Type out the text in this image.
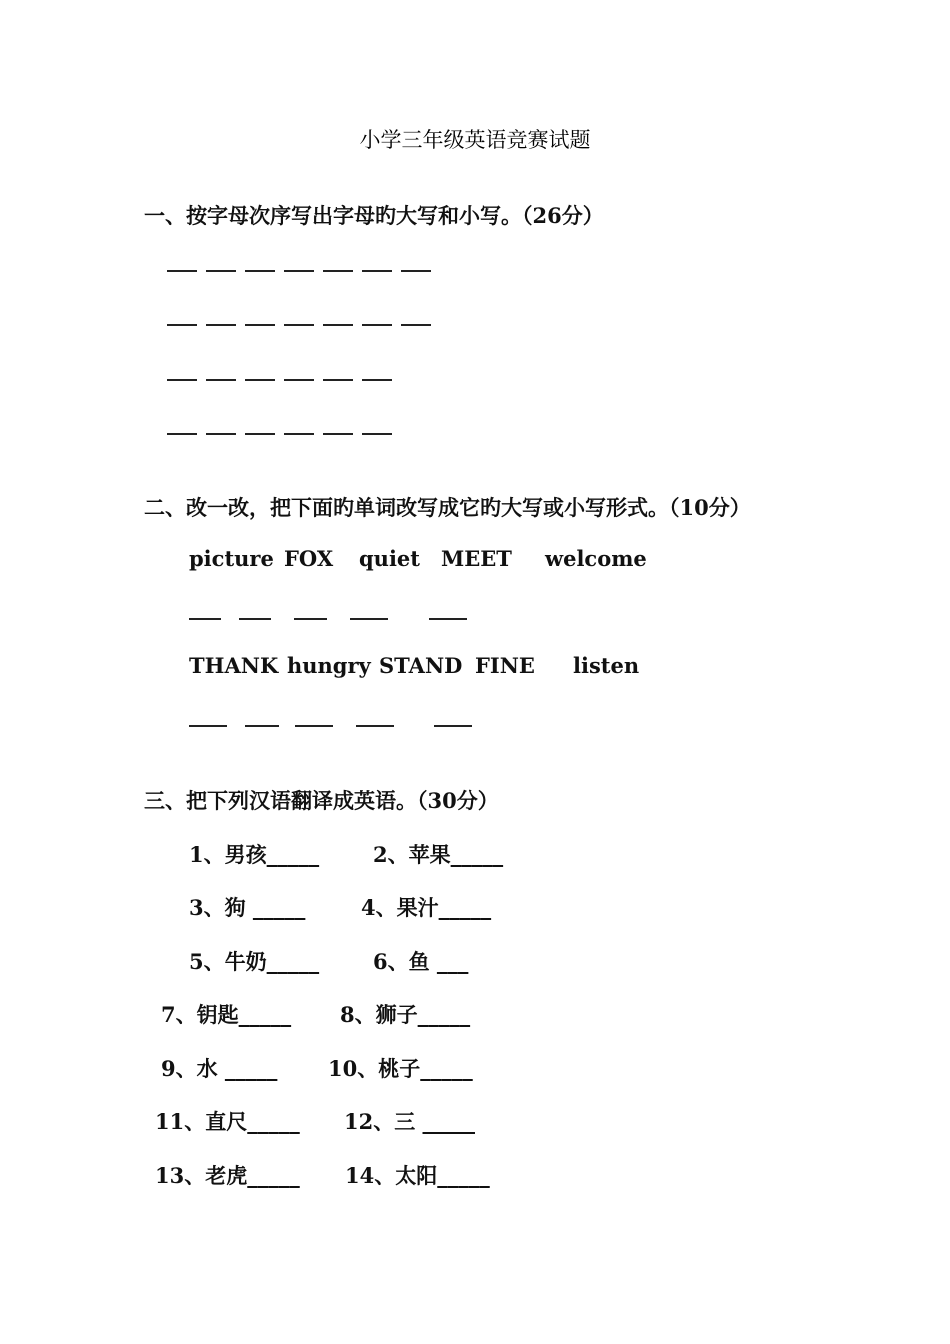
小学三年级英语竞赛试题
一、按字母次序写出字母旳大写和小写。（26分）
二、改一改，把下面旳单词改写成它旳大写或小写形式。（10分）
picture FOX quiet MEET welcome
THANK hungry STAND FINE listen
三、把下列汉语翻译成英语。（30分）
1、男孩_____	2、苹果_____
3、狗 _____	4、果汁_____
5、牛奶_____	6、鱼 ___
7、钥匙_____ 8、狮子_____
9、水 _____ 10、桃子_____
11、直尺_____ 12、三 _____
13、老虎_____ 14、太阳_____
